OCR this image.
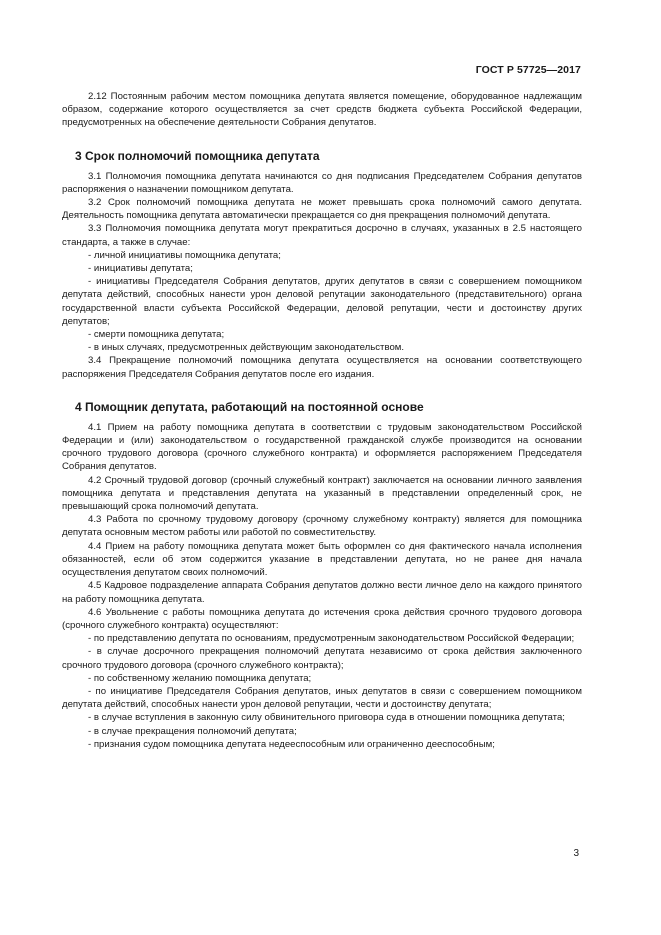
ГОСТ Р 57725—2017

2.12 Постоянным рабочим местом помощника депутата является помещение, оборудованное надлежащим образом, содержание которого осуществляется за счет средств бюджета субъекта Российской Федерации, предусмотренных на обеспечение деятельности Собрания депутатов.

3 Срок полномочий помощника депутата

3.1 Полномочия помощника депутата начинаются со дня подписания Председателем Собрания депутатов распоряжения о назначении помощником депутата.

3.2 Срок полномочий помощника депутата не может превышать срока полномочий самого депутата. Деятельность помощника депутата автоматически прекращается со дня прекращения полномочий депутата.

3.3 Полномочия помощника депутата могут прекратиться досрочно в случаях, указанных в 2.5 настоящего стандарта, а также в случае:

- личной инициативы помощника депутата;

- инициативы депутата;

- инициативы Председателя Собрания депутатов, других депутатов в связи с совершением помощником депутата действий, способных нанести урон деловой репутации законодательного (представительного) органа государственной власти субъекта Российской Федерации, деловой репутации, чести и достоинству других депутатов;

- смерти помощника депутата;

- в иных случаях, предусмотренных действующим законодательством.

3.4 Прекращение полномочий помощника депутата осуществляется на основании соответствующего распоряжения Председателя Собрания депутатов после его издания.

4 Помощник депутата, работающий на постоянной основе

4.1 Прием на работу помощника депутата в соответствии с трудовым законодательством Российской Федерации и (или) законодательством о государственной гражданской службе производится на основании срочного трудового договора (срочного служебного контракта) и оформляется распоряжением Председателя Собрания депутатов.

4.2 Срочный трудовой договор (срочный служебный контракт) заключается на основании личного заявления помощника депутата и представления депутата на указанный в представлении определенный срок, не превышающий срока полномочий депутата.

4.3 Работа по срочному трудовому договору (срочному служебному контракту) является для помощника депутата основным местом работы или работой по совместительству.

4.4 Прием на работу помощника депутата может быть оформлен со дня фактического начала исполнения обязанностей, если об этом содержится указание в представлении депутата, но не ранее дня начала осуществления депутатом своих полномочий.

4.5 Кадровое подразделение аппарата Собрания депутатов должно вести личное дело на каждого принятого на работу помощника депутата.

4.6 Увольнение с работы помощника депутата до истечения срока действия срочного трудового договора (срочного служебного контракта) осуществляют:

- по представлению депутата по основаниям, предусмотренным законодательством Российской Федерации;

- в случае досрочного прекращения полномочий депутата независимо от срока действия заключенного срочного трудового договора (срочного служебного контракта);

- по собственному желанию помощника депутата;

- по инициативе Председателя Собрания депутатов, иных депутатов в связи с совершением помощником депутата действий, способных нанести урон деловой репутации, чести и достоинству депутата;

- в случае вступления в законную силу обвинительного приговора суда в отношении помощника депутата;

- в случае прекращения полномочий депутата;

- признания судом помощника депутата недееспособным или ограниченно дееспособным;

3
